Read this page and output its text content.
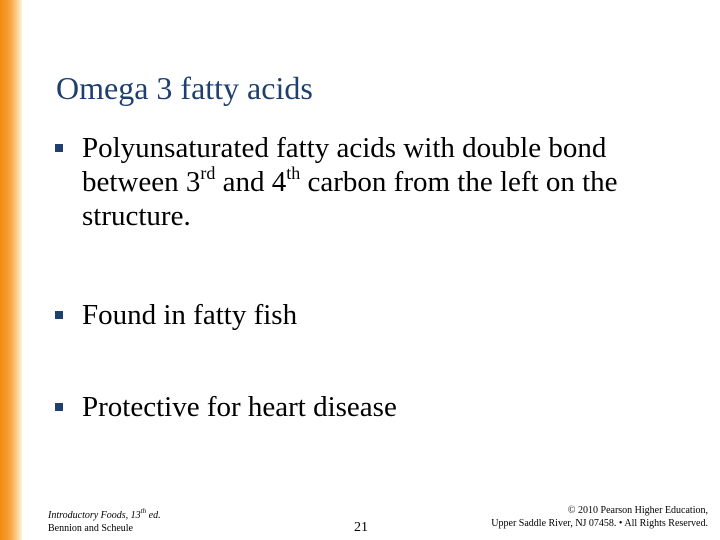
Omega 3 fatty acids
Polyunsaturated fatty acids with double bond
between 3rd and 4th carbon from the left on the
structure.
Found in fatty fish
Protective for heart disease
Introductory Foods, 13th ed.
Bennion and Scheule	21
© 2010 Pearson Higher Education,
Upper Saddle River, NJ 07458. • All Rights Reserved.
